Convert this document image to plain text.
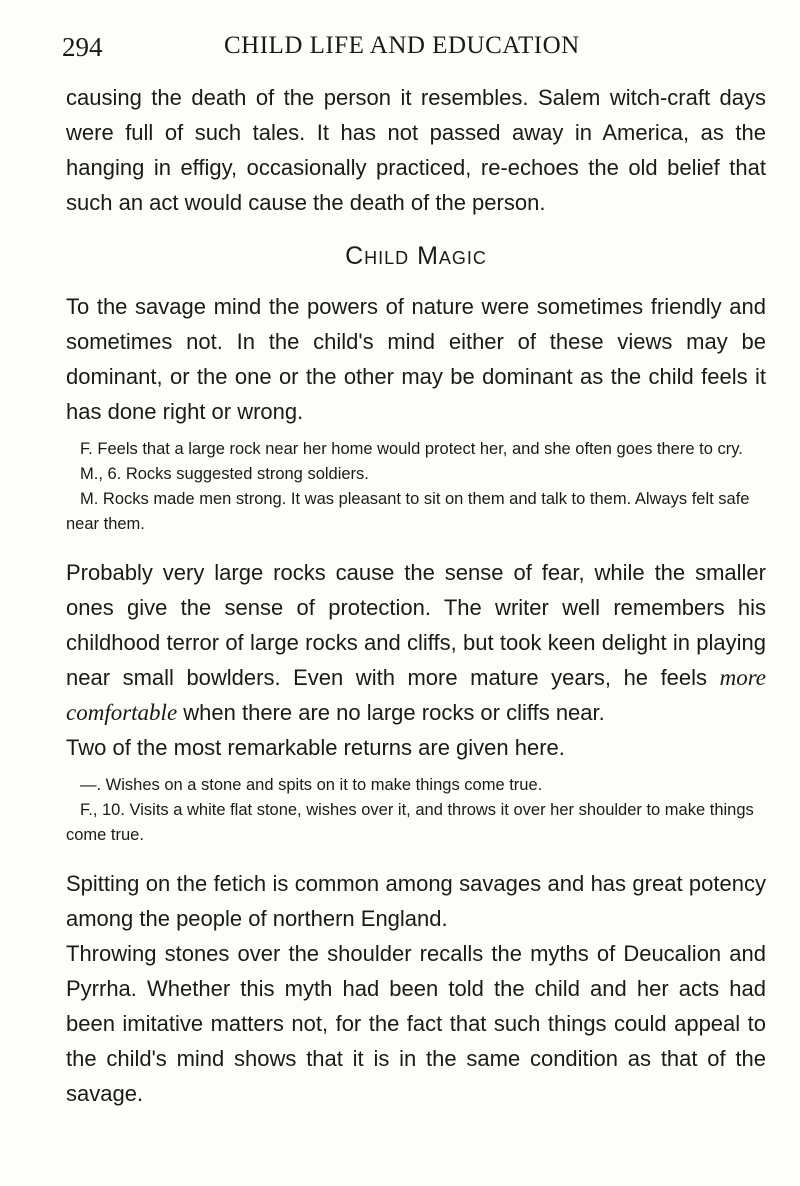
294	CHILD LIFE AND EDUCATION

causing the death of the person it resembles. Salem witch-craft days were full of such tales. It has not passed away in America, as the hanging in effigy, occasionally practiced, re-echoes the old belief that such an act would cause the death of the person.

Child Magic

To the savage mind the powers of nature were sometimes friendly and sometimes not. In the child's mind either of these views may be dominant, or the one or the other may be dominant as the child feels it has done right or wrong.

F. Feels that a large rock near her home would protect her, and she often goes there to cry.

M., 6. Rocks suggested strong soldiers.

M. Rocks made men strong. It was pleasant to sit on them and talk to them. Always felt safe near them.

Probably very large rocks cause the sense of fear, while the smaller ones give the sense of protection. The writer well remembers his childhood terror of large rocks and cliffs, but took keen delight in playing near small bowlders. Even with more mature years, he feels more comfortable when there are no large rocks or cliffs near.

Two of the most remarkable returns are given here.

—. Wishes on a stone and spits on it to make things come true.

F., 10. Visits a white flat stone, wishes over it, and throws it over her shoulder to make things come true.

Spitting on the fetich is common among savages and has great potency among the people of northern England.

Throwing stones over the shoulder recalls the myths of Deucalion and Pyrrha. Whether this myth had been told the child and her acts had been imitative matters not, for the fact that such things could appeal to the child's mind shows that it is in the same condition as that of the savage.
